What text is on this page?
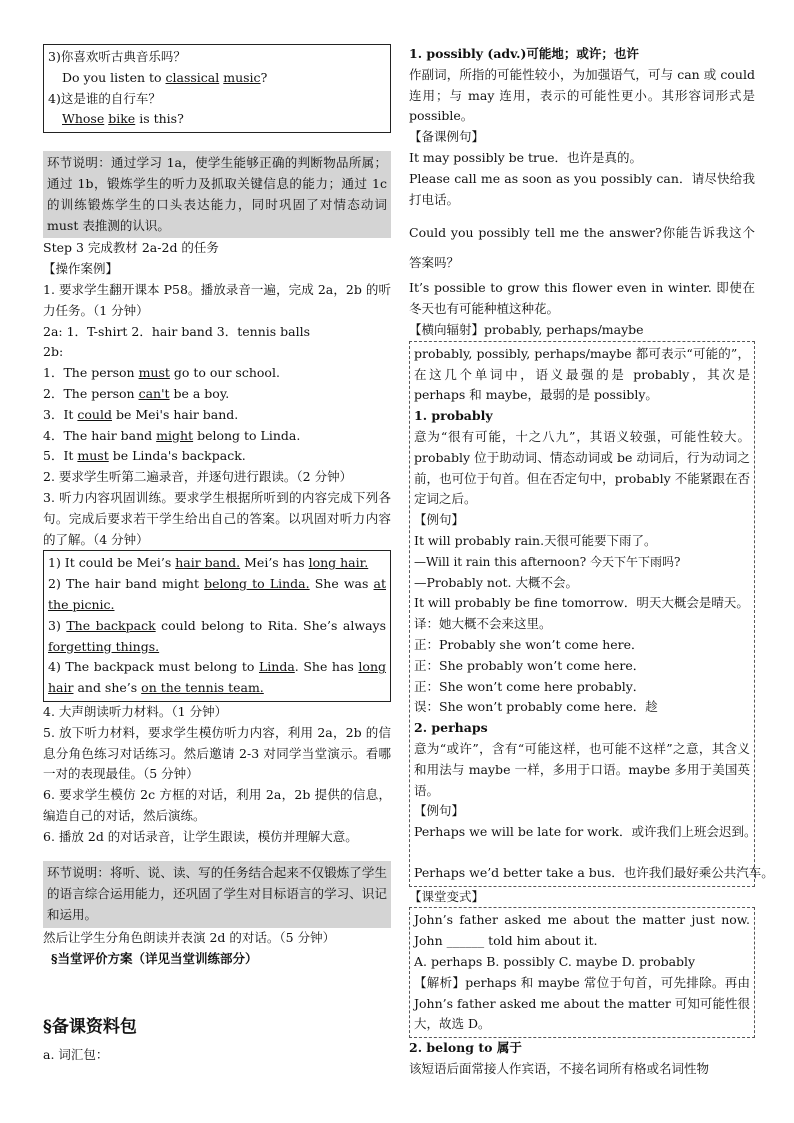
3)你喜欢听古典音乐吗？
Do you listen to classical music?
4)这是谁的自行车？
Whose bike is this?
环节说明：通过学习 1a，使学生能够正确的判断物品所属；通过 1b，锻炼学生的听力及抓取关键信息的能力；通过 1c 的训练锻炼学生的口头表达能力，同时巩固了对情态动词 must 表推测的认识。
Step 3 完成教材 2a-2d 的任务
【操作案例】
1. 要求学生翻开课本 P58。播放录音一遍，完成 2a，2b 的听力任务。（1 分钟）
2a: 1．T-shirt 2．hair band 3．tennis balls
2b:
1．The person must go to our school.
2．The person can't be a boy.
3．It could be Mei's hair band.
4．The hair band might belong to Linda.
5．It must be Linda's backpack.
2. 要求学生听第二遍录音，并逐句进行跟读。（2 分钟）
3. 听力内容巩固训练。要求学生根据所听到的内容完成下列各句。完成后要求若干学生给出自己的答案。以巩固对听力内容的了解。（4 分钟）
1) It could be Mei’s hair band. Mei’s has long hair.
2) The hair band might belong to Linda. She was at the picnic.
3) The backpack could belong to Rita. She’s always forgetting things.
4) The backpack must belong to Linda. She has long hair and she’s on the tennis team.
4. 大声朗读听力材料。（1 分钟）
5. 放下听力材料，要求学生模仿听力内容，利用 2a，2b 的信息分角色练习对话练习。然后邀请 2-3 对同学当堂演示。看哪一对的表现最佳。（5 分钟）
6. 要求学生模仿 2c 方框的对话，利用 2a，2b 提供的信息，编造自己的对话，然后演练。
6. 播放 2d 的对话录音，让学生跟读，模仿并理解大意。
环节说明：将听、说、读、写的任务结合起来不仅锻炼了学生的语言综合运用能力，还巩固了学生对目标语言的学习、识记和运用。
然后让学生分角色朗读并表演 2d 的对话。（5 分钟）
§当堂评价方案（详见当堂训练部分）
§备课资料包
a. 词汇包：
1. possibly (adv.)可能地；或许；也许
作副词，所指的可能性较小，为加强语气，可与 can 或 could 连用；与 may 连用，表示的可能性更小。其形容词形式是 possible。
【备课例句】
It may possibly be true．也许是真的。
Please call me as soon as you possibly can．请尽快给我打电话。
Could you possibly tell me the answer?你能告诉我这个答案吗？
It’s possible to grow this flower even in winter. 即使在冬天也有可能种植这种花。
【横向辐射】probably, perhaps/maybe
probably, possibly, perhaps/maybe 都可表示“可能的”，在这几个单词中，语义最强的是 probably，其次是 perhaps 和 maybe，最弱的是 possibly。
1. probably
意为“很有可能，十之八九”，其语义较强，可能性较大。probably 位于助动词、情态动词或 be 动词后，行为动词之前，也可位于句首。但在否定句中，probably 不能紧跟在否定词之后。
【例句】
It will probably rain.天很可能要下雨了。
—Will it rain this afternoon? 今天下午下雨吗?
—Probably not. 大概不会。
It will probably be fine tomorrow．明天大概会是晴天。
译：她大概不会来这里。
正：Probably she won’t come here．
正：She probably won’t come here．
正：She won’t come here probably．
误：She won’t probably come here．趁
2. perhaps
意为“或许”，含有“可能这样，也可能不这样”之意，其含义和用法与 maybe 一样，多用于口语。maybe 多用于美国英语。
【例句】
Perhaps we will be late for work．或许我们上班会迟到。
Perhaps we’d better take a bus．也许我们最好乘公共汽车。
【课堂变式】
John’s father asked me about the matter just now. John ______ told him about it.
A. perhaps B. possibly C. maybe D. probably
【解析】perhaps 和 maybe 常位于句首，可先排除。再由 John’s father asked me about the matter 可知可能性很大，故选 D。
2. belong to 属于
该短语后面常接人作宾语，不接名词所有格或名词性物
